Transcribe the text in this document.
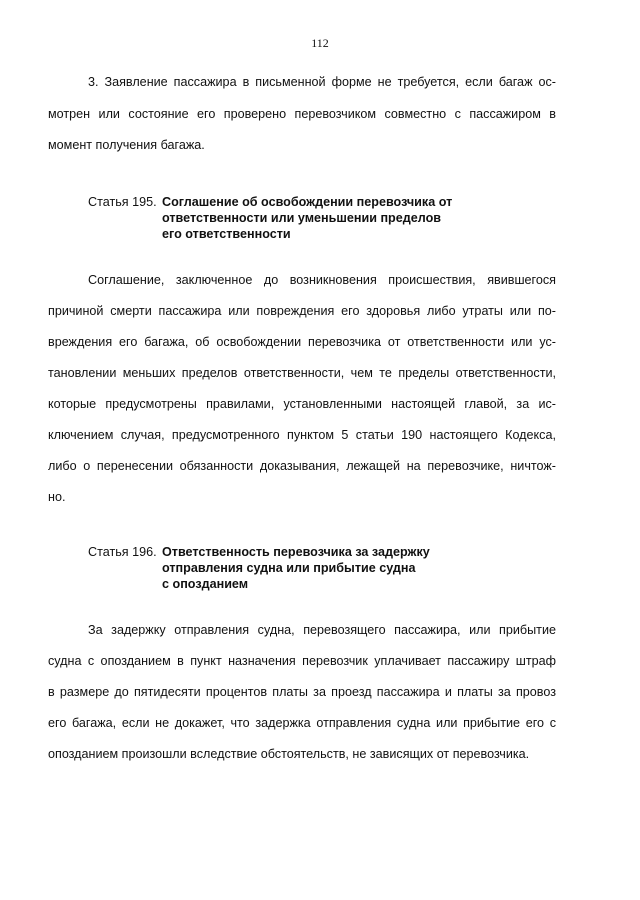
112
3. Заявление пассажира в письменной форме не требуется, если багаж ос-
мотрен или состояние его проверено перевозчиком совместно с пассажиром в
момент получения багажа.
Статья 195. Соглашение об освобождении перевозчика от
ответственности или уменьшении пределов
его ответственности
Соглашение, заключенное до возникновения происшествия, явившегося
причиной смерти пассажира или повреждения его здоровья либо утраты или по-
вреждения его багажа, об освобождении перевозчика от ответственности или ус-
тановлении меньших пределов ответственности, чем те пределы ответственности,
которые предусмотрены правилами, установленными настоящей главой, за ис-
ключением случая, предусмотренного пунктом 5 статьи 190 настоящего Кодекса,
либо о перенесении обязанности доказывания, лежащей на перевозчике, ничтож-
но.
Статья 196. Ответственность перевозчика за задержку
отправления судна или прибытие судна
с опозданием
За задержку отправления судна, перевозящего пассажира, или прибытие
судна с опозданием в пункт назначения перевозчик уплачивает пассажиру штраф
в размере до пятидесяти процентов платы за проезд пассажира и платы за провоз
его багажа, если не докажет, что задержка отправления судна или прибытие его с
опозданием произошли вследствие обстоятельств, не зависящих от перевозчика.
